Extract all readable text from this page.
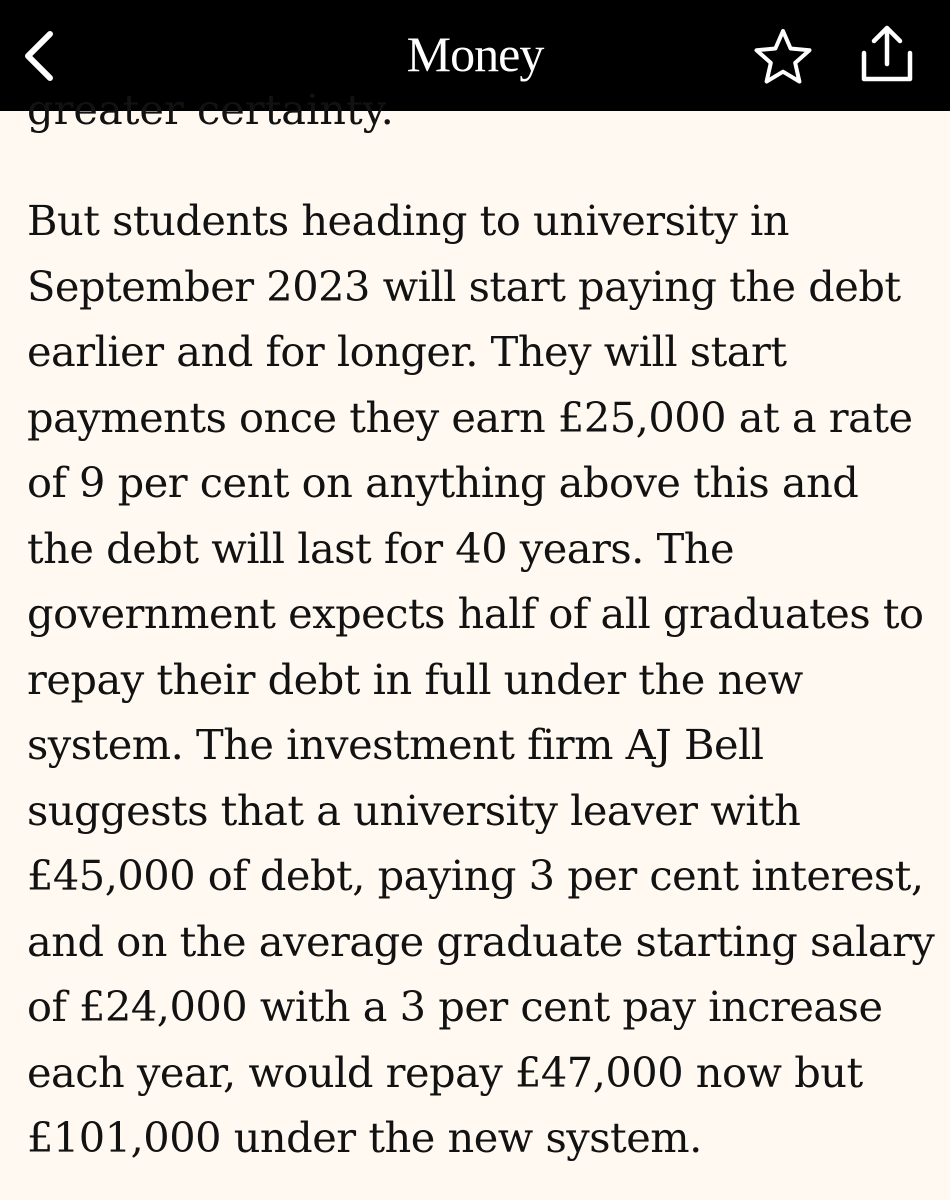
Money

greater certainty.

But students heading to university in
September 2023 will start paying the debt
earlier and for longer. They will start
payments once they earn £25,000 at a rate
of 9 per cent on anything above this and
the debt will last for 40 years. The
government expects half of all graduates to
repay their debt in full under the new
system. The investment firm AJ Bell
suggests that a university leaver with
£45,000 of debt, paying 3 per cent interest,
and on the average graduate starting salary
of £24,000 with a 3 per cent pay increase
each year, would repay £47,000 now but
£101,000 under the new system.
